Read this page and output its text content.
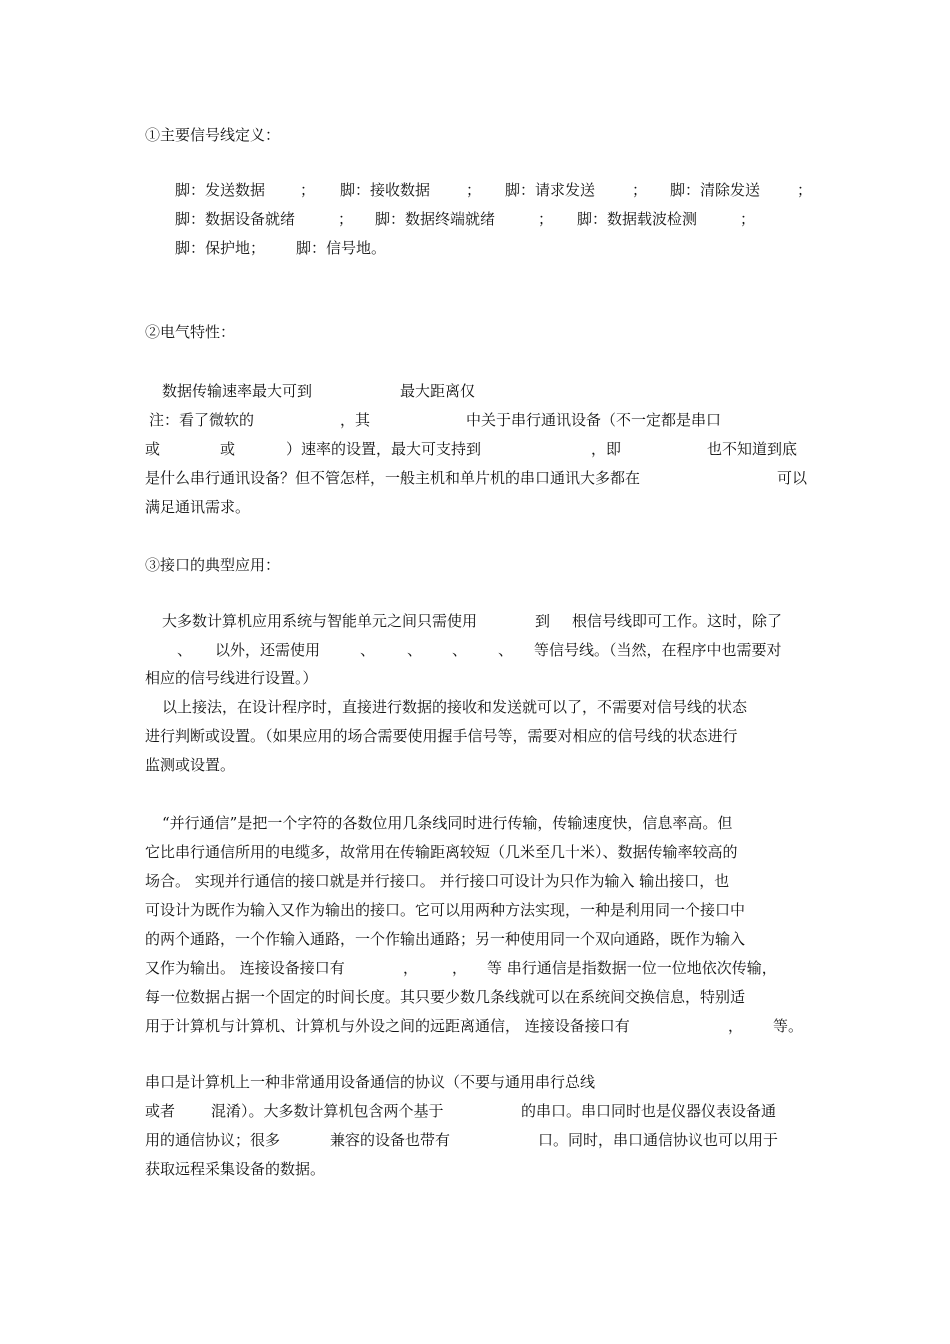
①主要信号线定义：
脚：发送数据 ； 脚：接收数据 ； 脚：请求发送 ； 脚：清除发送 ；
脚：数据设备就绪	； 脚：数据终端就绪	； 脚：数据载波检测	；
脚：保护地； 脚：信号地。
②电气特性：
数据传输速率最大可到	最大距离仅
注：看了微软的	，其	中关于串行通讯设备（不一定都是串口
或	或	）速率的设置，最大可支持到	，即	也不知道到底
是什么串行通讯设备？但不管怎样，一般主机和单片机的串口通讯大多都在	可以
满足通讯需求。
③接口的典型应用：
大多数计算机应用系统与智能单元之间只需使用	到 根信号线即可工作。这时，除了
、 以外，还需使用	、 、 、 、 等信号线。（当然，在程序中也需要对
相应的信号线进行设置。）
以上接法，在设计程序时，直接进行数据的接收和发送就可以了，不需要对信号线的状态
进行判断或设置。（如果应用的场合需要使用握手信号等，需要对相应的信号线的状态进行
监测或设置。
“并行通信”是把一个字符的各数位用几条线同时进行传输，传输速度快，信息率高。但
它比串行通信所用的电缆多，故常用在传输距离较短（几米至几十米）、数据传输率较高的
场合。 实现并行通信的接口就是并行接口。 并行接口可设计为只作为输入 输出接口，也
可设计为既作为输入又作为输出的接口。它可以用两种方法实现，一种是利用同一个接口中
的两个通路，一个作输入通路，一个作输出通路；另一种使用同一个双向通路，既作为输入
又作为输出。 连接设备接口有	， ， 等 串行通信是指数据一位一位地依次传输，
每一位数据占据一个固定的时间长度。其只要少数几条线就可以在系统间交换信息，特别适
用于计算机与计算机、计算机与外设之间的远距离通信， 连接设备接口有	， 等。
串口是计算机上一种非常通用设备通信的协议（不要与通用串行总线
或者 混淆）。大多数计算机包含两个基于	的串口。串口同时也是仪器仪表设备通
用的通信协议；很多	兼容的设备也带有	口。同时，串口通信协议也可以用于
获取远程采集设备的数据。
